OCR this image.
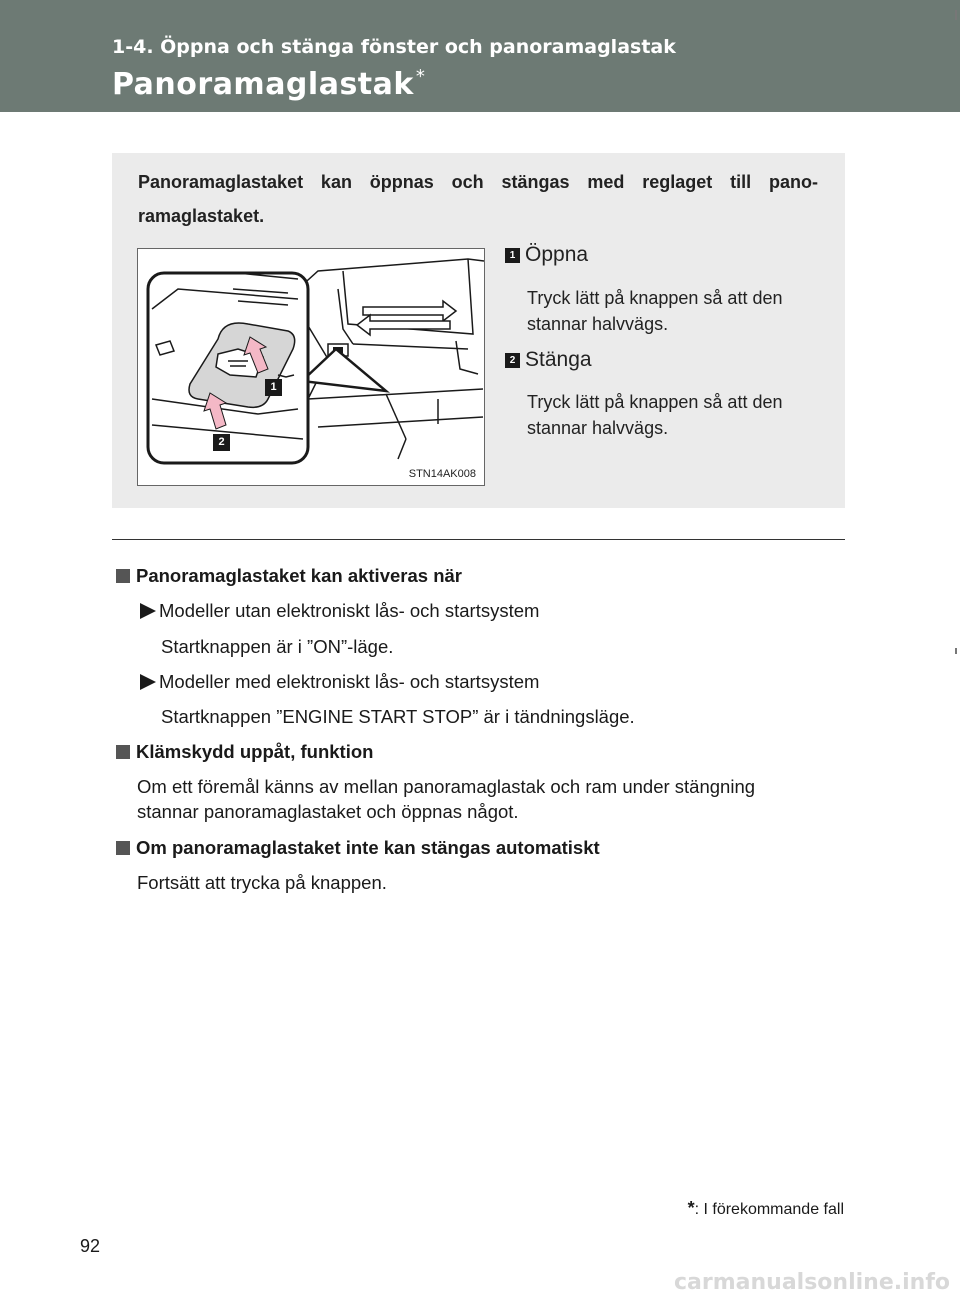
1-4. Öppna och stänga fönster och panoramaglastak
Panoramaglastak *
Panoramaglastaket kan öppnas och stängas med reglaget till pano-ramaglastaket.
1
2
STN14AK008
1 Öppna
Tryck lätt på knappen så att den
stannar halvvägs.
2 Stänga
Tryck lätt på knappen så att den
stannar halvvägs.
Panoramaglastaket kan aktiveras när
Modeller utan elektroniskt lås- och startsystem
Startknappen är i ”ON”-läge.
Modeller med elektroniskt lås- och startsystem
Startknappen ”ENGINE START STOP” är i tändningsläge.
Klämskydd uppåt, funktion
Om ett föremål känns av mellan panoramaglastak och ram under stängning
stannar panoramaglastaket och öppnas något.
Om panoramaglastaket inte kan stängas automatiskt
Fortsätt att trycka på knappen.
*: I förekommande fall
92
carmanualsonline.info
